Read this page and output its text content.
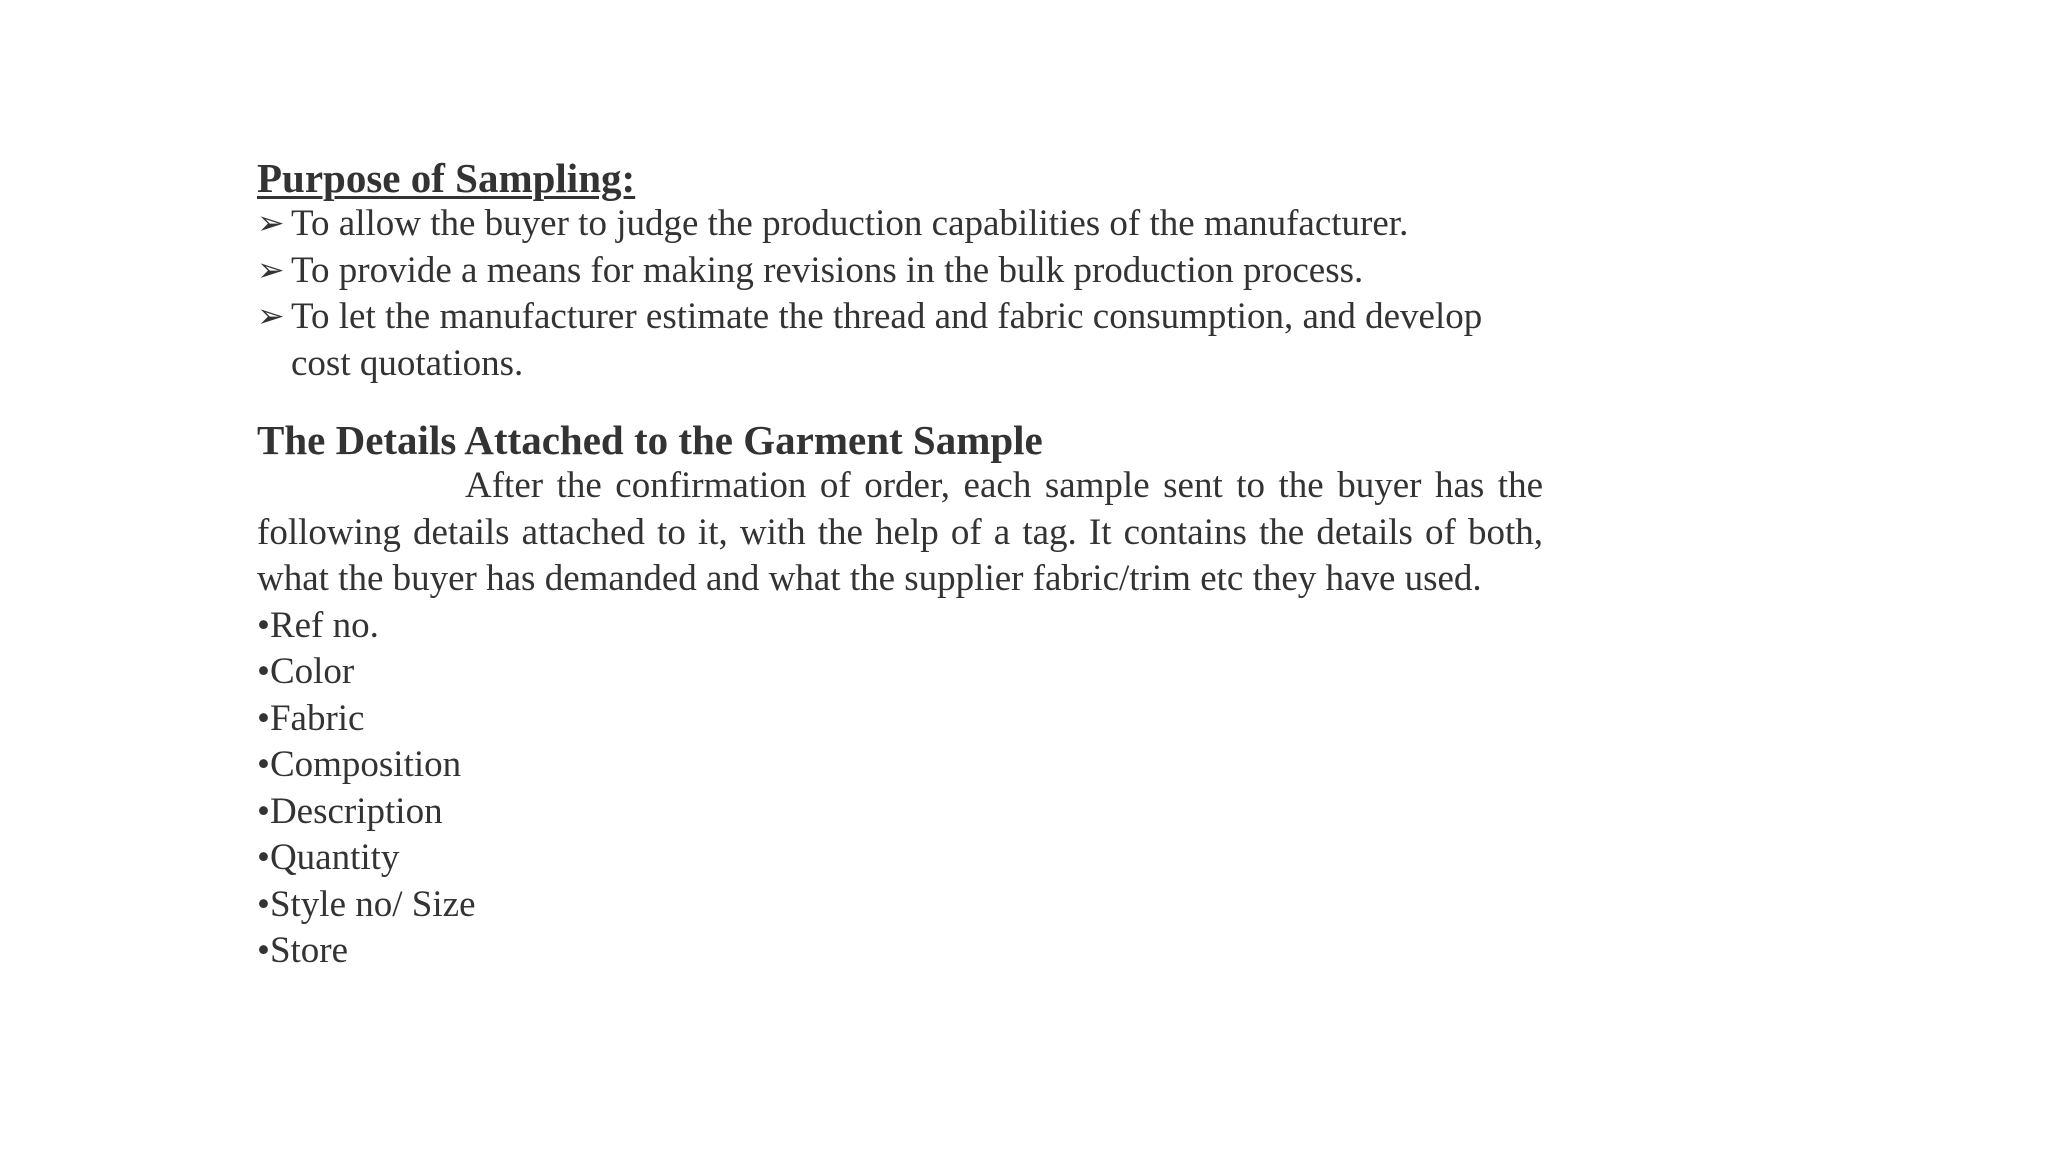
Purpose of Sampling:
➢ To allow the buyer to judge the production capabilities of the manufacturer.
➢ To provide a means for making revisions in the bulk production process.
➢ To let the manufacturer estimate the thread and fabric consumption, and develop cost quotations.
The Details Attached to the Garment Sample

After the confirmation of order, each sample sent to the buyer has the following details attached to it, with the help of a tag. It contains the details of both, what the buyer has demanded and what the supplier fabric/trim etc they have used.

•Ref no.
•Color
•Fabric
•Composition
•Description
•Quantity
•Style no/ Size
•Store
